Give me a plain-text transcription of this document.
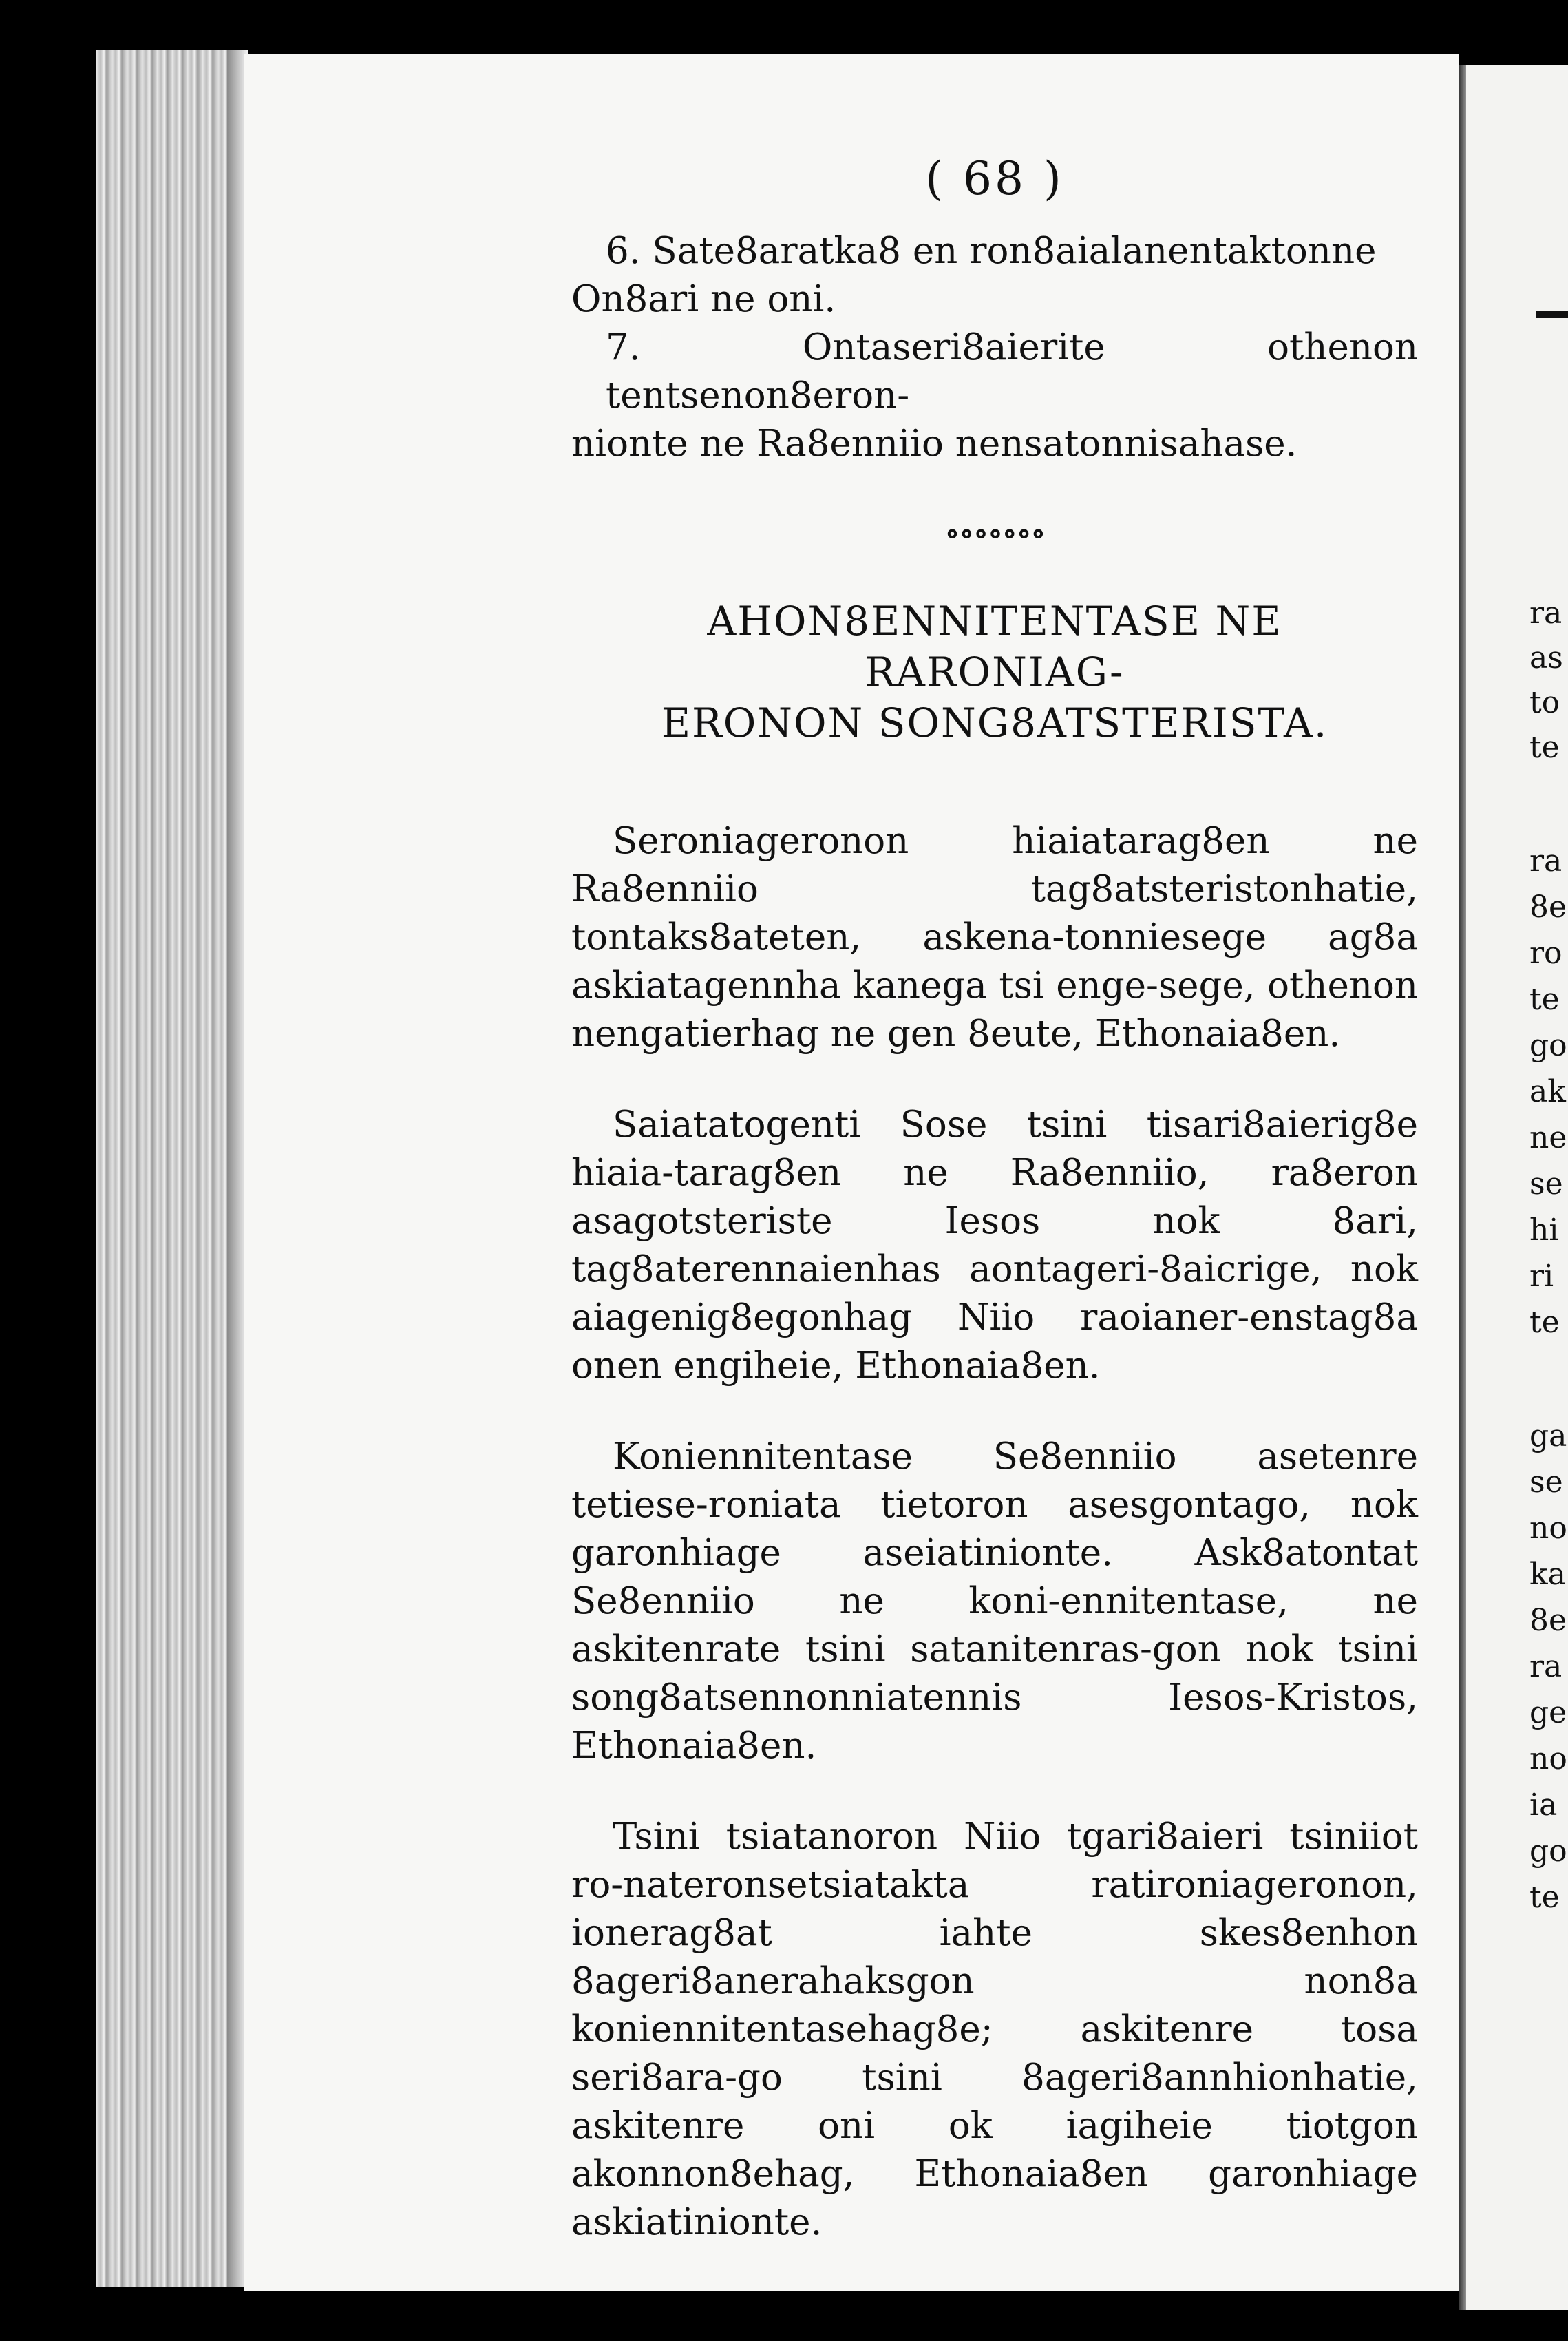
( 68 )

6. Sate8aratka8 en ron8aialanentaktonne
On8ari ne oni.

7. Ontaseri8aierite othenon tentsenon8eron-
nionte ne Ra8enniio nensatonnisahase.

∘∘∘∘∘∘∘
AHON8ENNITENTASE NE RARONIAG-
ERONON SONG8ATSTERISTA.

Seroniageronon hiaiatarag8en ne Ra8enniio tag8atsteristonhatie, tontaks8ateten, askena-tonniesege ag8a askiatagennha kanega tsi enge-sege, othenon nengatierhag ne gen 8eute, Ethonaia8en.

Saiatatogenti Sose tsini tisari8aierig8e hiaia-tarag8en ne Ra8enniio, ra8eron asagotsteriste Iesos nok 8ari, tag8aterennaienhas aontageri-8aicrige, nok aiagenig8egonhag Niio raoianer-enstag8a onen engiheie, Ethonaia8en.

Koniennitentase Se8enniio asetenre tetiese-roniata tietoron asesgontago, nok garonhiage aseiatinionte. Ask8atontat Se8enniio ne koni-ennitentase, ne askitenrate tsini satanitenras-gon nok tsini song8atsennonniatennis Iesos-Kristos, Ethonaia8en.

Tsini tsiatanoron Niio tgari8aieri tsiniiot ro-nateronsetsiatakta ratironiageronon, ionerag8at iahte skes8enhon 8ageri8anerahaksgon non8a koniennitentasehag8e; askitenre tosa seri8ara-go tsini 8ageri8annhionhatie, askitenre oni ok iagiheie tiotgon akonnon8ehag, Ethonaia8en garonhiage askiatinionte.

ra
as
to
te
ra
8e
ro
te
go
ak
ne
se
hi
ri
te
ga
se
no
ka
8e
ra
ge
no
ia
go
te
